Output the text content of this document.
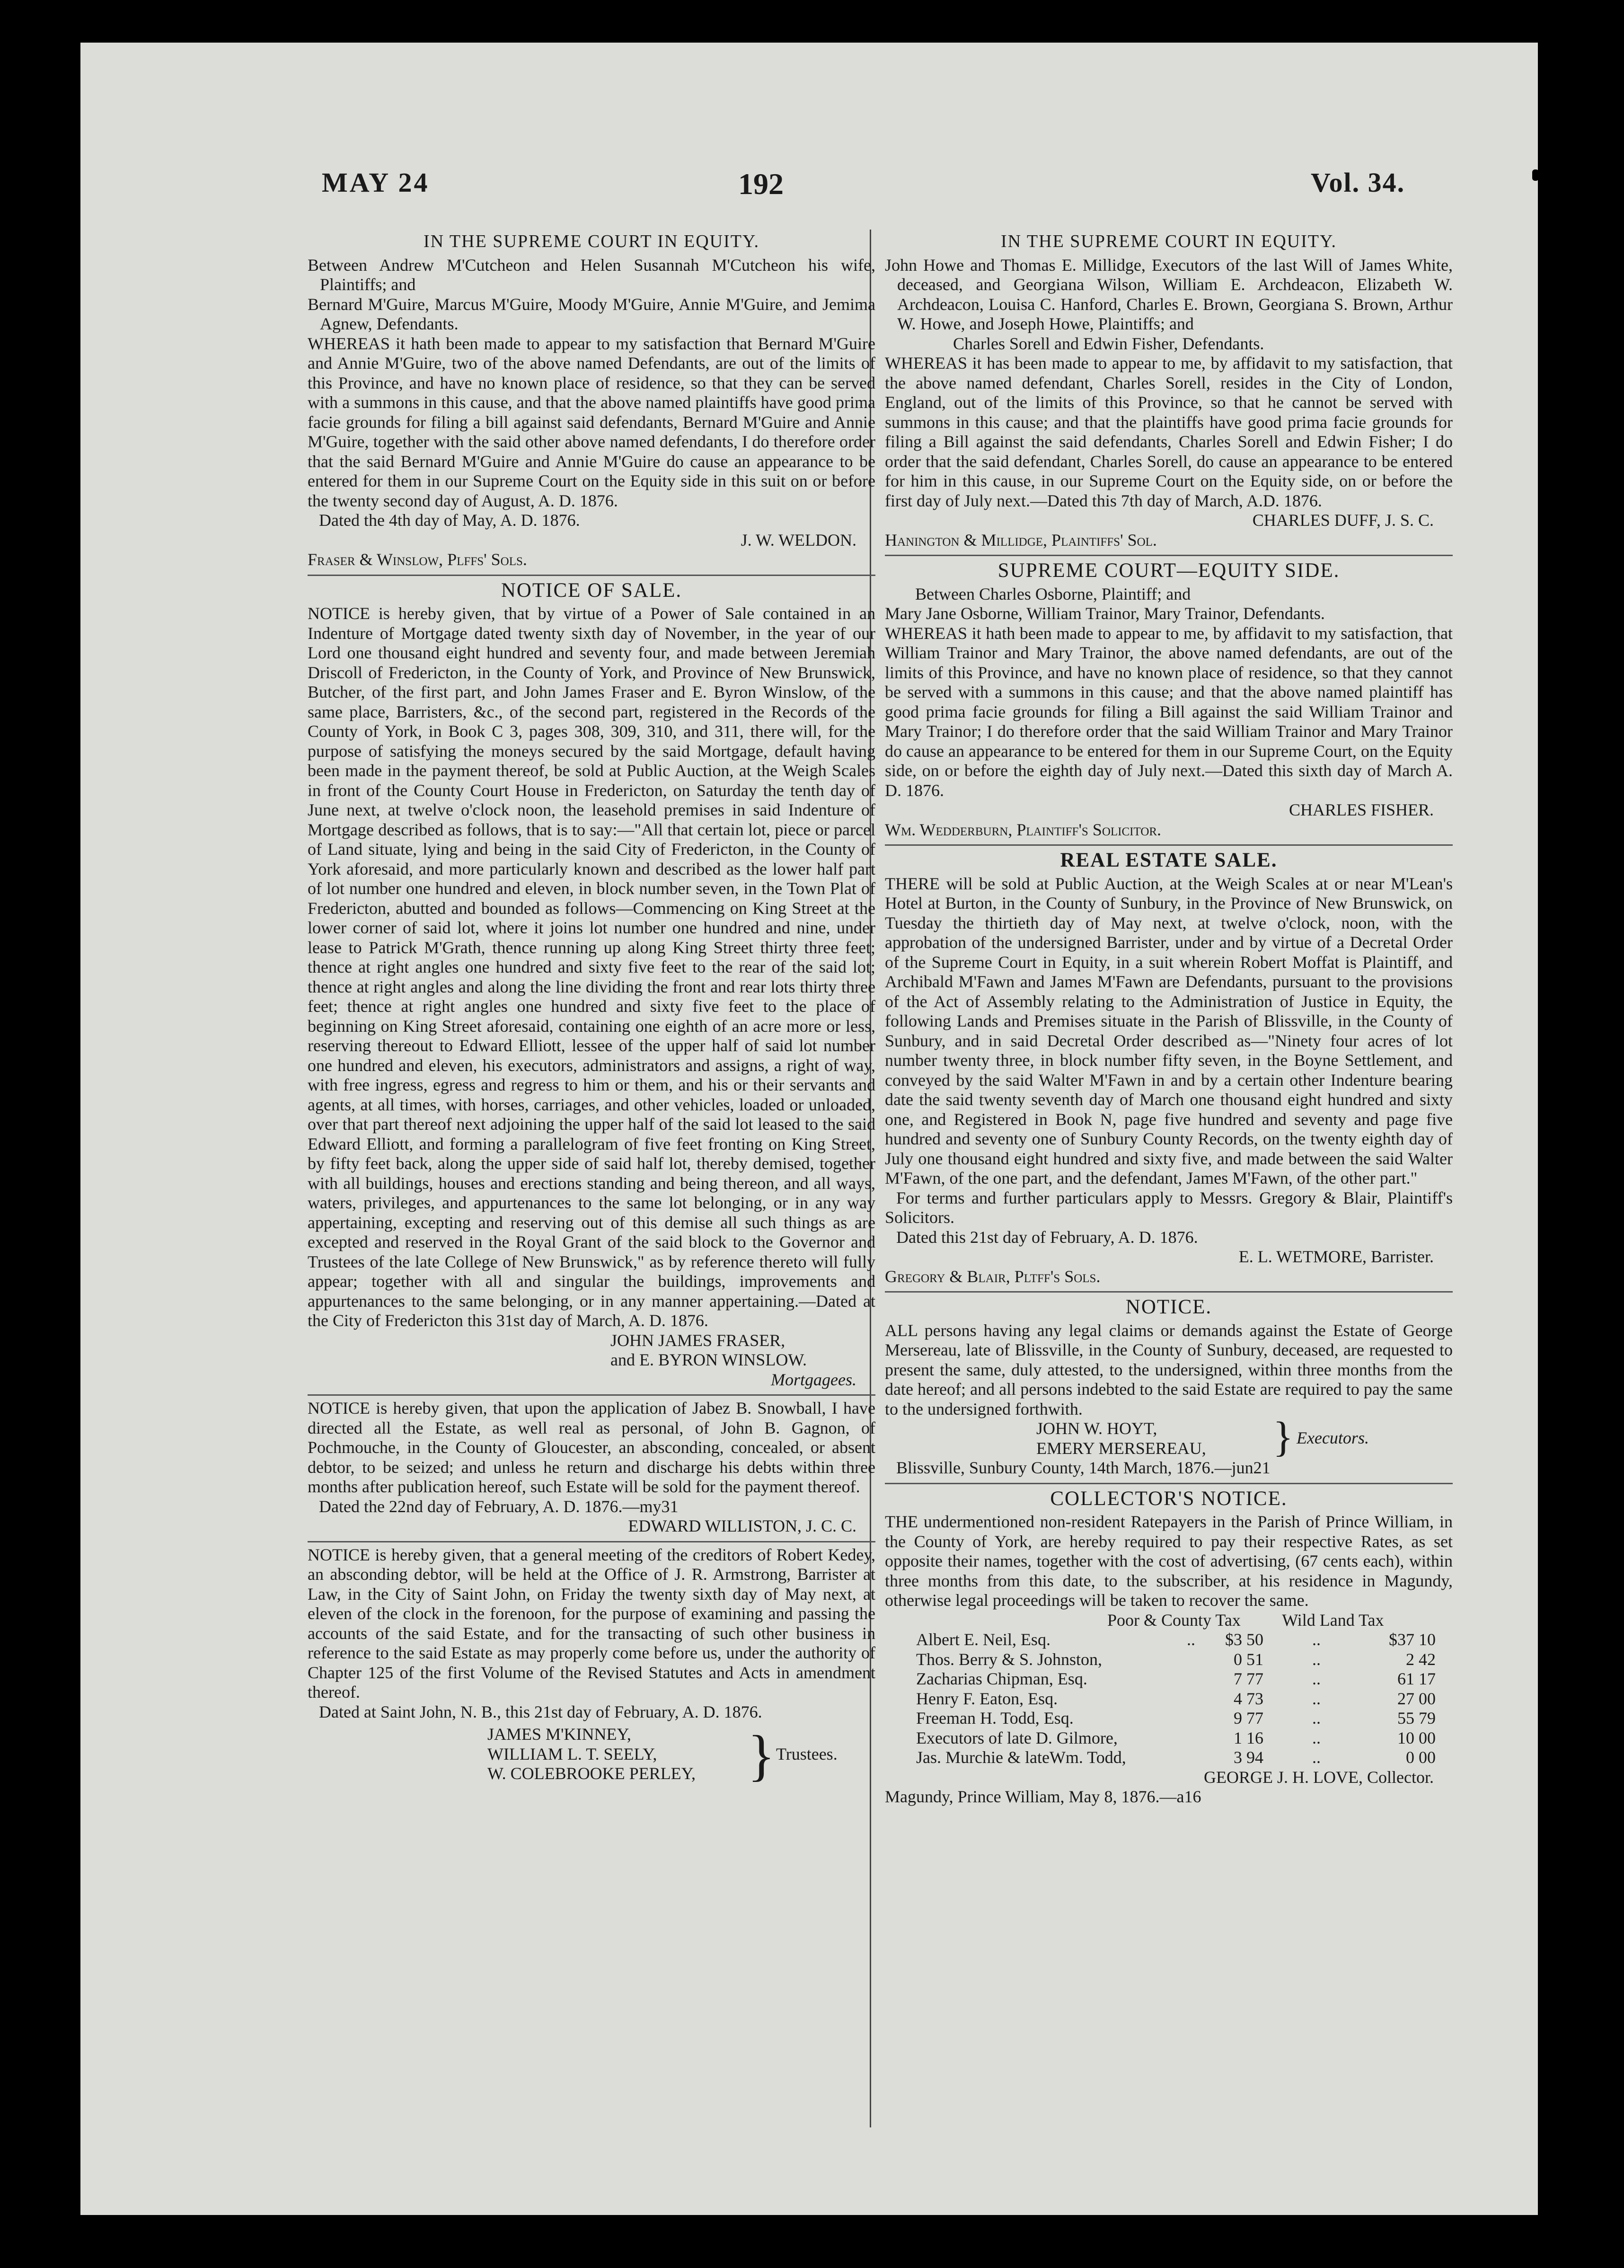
MAY 24	192	Vol. 34.
IN THE SUPREME COURT IN EQUITY.

Between Andrew M'Cutcheon and Helen Susannah M'Cutcheon his wife, Plaintiffs; and

Bernard M'Guire, Marcus M'Guire, Moody M'Guire, Annie M'Guire, and Jemima Agnew, Defendants.

WHEREAS it hath been made to appear to my satisfaction that Bernard M'Guire and Annie M'Guire, two of the above named Defendants, are out of the limits of this Province, and have no known place of residence, so that they can be served with a summons in this cause, and that the above named plaintiffs have good prima facie grounds for filing a bill against said defendants, Bernard M'Guire and Annie M'Guire, together with the said other above named defendants, I do therefore order that the said Bernard M'Guire and Annie M'Guire do cause an appearance to be entered for them in our Supreme Court on the Equity side in this suit on or before the twenty second day of August, A. D. 1876.

Dated the 4th day of May, A. D. 1876.

J. W. WELDON.

Fraser & Winslow, Plffs' Sols.

NOTICE OF SALE.

NOTICE is hereby given, that by virtue of a Power of Sale contained in an Indenture of Mortgage dated twenty sixth day of November, in the year of our Lord one thousand eight hundred and seventy four, and made between Jeremiah Driscoll of Fredericton, in the County of York, and Province of New Brunswick, Butcher, of the first part, and John James Fraser and E. Byron Winslow, of the same place, Barristers, &c., of the second part, registered in the Records of the County of York, in Book C 3, pages 308, 309, 310, and 311, there will, for the purpose of satisfying the moneys secured by the said Mortgage, default having been made in the payment thereof, be sold at Public Auction, at the Weigh Scales in front of the County Court House in Fredericton, on Saturday the tenth day of June next, at twelve o'clock noon, the leasehold premises in said Indenture of Mortgage described as follows, that is to say:—"All that certain lot, piece or parcel of Land situate, lying and being in the said City of Fredericton, in the County of York aforesaid, and more particularly known and described as the lower half part of lot number one hundred and eleven, in block number seven, in the Town Plat of Fredericton, abutted and bounded as follows—Commencing on King Street at the lower corner of said lot, where it joins lot number one hundred and nine, under lease to Patrick M'Grath, thence running up along King Street thirty three feet; thence at right angles one hundred and sixty five feet to the rear of the said lot; thence at right angles and along the line dividing the front and rear lots thirty three feet; thence at right angles one hundred and sixty five feet to the place of beginning on King Street aforesaid, containing one eighth of an acre more or less, reserving thereout to Edward Elliott, lessee of the upper half of said lot number one hundred and eleven, his executors, administrators and assigns, a right of way, with free ingress, egress and regress to him or them, and his or their servants and agents, at all times, with horses, carriages, and other vehicles, loaded or unloaded, over that part thereof next adjoining the upper half of the said lot leased to the said Edward Elliott, and forming a parallelogram of five feet fronting on King Street, by fifty feet back, along the upper side of said half lot, thereby demised, together with all buildings, houses and erections standing and being thereon, and all ways, waters, privileges, and appurtenances to the same lot belonging, or in any way appertaining, excepting and reserving out of this demise all such things as are excepted and reserved in the Royal Grant of the said block to the Governor and Trustees of the late College of New Brunswick," as by reference thereto will fully appear; together with all and singular the buildings, improvements and appurtenances to the same belonging, or in any manner appertaining.—Dated at the City of Fredericton this 31st day of March, A. D. 1876.

JOHN JAMES FRASER,

and E. BYRON WINSLOW.

Mortgagees.

NOTICE is hereby given, that upon the application of Jabez B. Snowball, I have directed all the Estate, as well real as personal, of John B. Gagnon, of Pochmouche, in the County of Gloucester, an absconding, concealed, or absent debtor, to be seized; and unless he return and discharge his debts within three months after publication hereof, such Estate will be sold for the payment thereof.

Dated the 22nd day of February, A. D. 1876.—my31

EDWARD WILLISTON, J. C. C.

NOTICE is hereby given, that a general meeting of the creditors of Robert Kedey, an absconding debtor, will be held at the Office of J. R. Armstrong, Barrister at Law, in the City of Saint John, on Friday the twenty sixth day of May next, at eleven of the clock in the forenoon, for the purpose of examining and passing the accounts of the said Estate, and for the transacting of such other business in reference to the said Estate as may properly come before us, under the authority of Chapter 125 of the first Volume of the Revised Statutes and Acts in amendment thereof.

Dated at Saint John, N. B., this 21st day of February, A. D. 1876.

JAMES M'KINNEY,
WILLIAM L. T. SEELY,
W. COLEBROOKE PERLEY, } Trustees.
IN THE SUPREME COURT IN EQUITY.

John Howe and Thomas E. Millidge, Executors of the last Will of James White, deceased, and Georgiana Wilson, William E. Archdeacon, Elizabeth W. Archdeacon, Louisa C. Hanford, Charles E. Brown, Georgiana S. Brown, Arthur W. Howe, and Joseph Howe, Plaintiffs; and

Charles Sorell and Edwin Fisher, Defendants.

WHEREAS it has been made to appear to me, by affidavit to my satisfaction, that the above named defendant, Charles Sorell, resides in the City of London, England, out of the limits of this Province, so that he cannot be served with summons in this cause; and that the plaintiffs have good prima facie grounds for filing a Bill against the said defendants, Charles Sorell and Edwin Fisher; I do order that the said defendant, Charles Sorell, do cause an appearance to be entered for him in this cause, in our Supreme Court on the Equity side, on or before the first day of July next.—Dated this 7th day of March, A.D. 1876.

CHARLES DUFF, J. S. C.

Hanington & Millidge, Plaintiffs' Sol.

SUPREME COURT—EQUITY SIDE.

Between Charles Osborne, Plaintiff; and

Mary Jane Osborne, William Trainor, Mary Trainor, Defendants.

WHEREAS it hath been made to appear to me, by affidavit to my satisfaction, that William Trainor and Mary Trainor, the above named defendants, are out of the limits of this Province, and have no known place of residence, so that they cannot be served with a summons in this cause; and that the above named plaintiff has good prima facie grounds for filing a Bill against the said William Trainor and Mary Trainor; I do therefore order that the said William Trainor and Mary Trainor do cause an appearance to be entered for them in our Supreme Court, on the Equity side, on or before the eighth day of July next.—Dated this sixth day of March A. D. 1876.

CHARLES FISHER.

Wm. Wedderburn, Plaintiff's Solicitor.

REAL ESTATE SALE.

THERE will be sold at Public Auction, at the Weigh Scales at or near M'Lean's Hotel at Burton, in the County of Sunbury, in the Province of New Brunswick, on Tuesday the thirtieth day of May next, at twelve o'clock, noon, with the approbation of the undersigned Barrister, under and by virtue of a Decretal Order of the Supreme Court in Equity, in a suit wherein Robert Moffat is Plaintiff, and Archibald M'Fawn and James M'Fawn are Defendants, pursuant to the provisions of the Act of Assembly relating to the Administration of Justice in Equity, the following Lands and Premises situate in the Parish of Blissville, in the County of Sunbury, and in said Decretal Order described as—"Ninety four acres of lot number twenty three, in block number fifty seven, in the Boyne Settlement, and conveyed by the said Walter M'Fawn in and by a certain other Indenture bearing date the said twenty seventh day of March one thousand eight hundred and sixty one, and Registered in Book N, page five hundred and seventy and page five hundred and seventy one of Sunbury County Records, on the twenty eighth day of July one thousand eight hundred and sixty five, and made between the said Walter M'Fawn, of the one part, and the defendant, James M'Fawn, of the other part."

For terms and further particulars apply to Messrs. Gregory & Blair, Plaintiff's Solicitors.

Dated this 21st day of February, A. D. 1876.

E. L. WETMORE, Barrister.

Gregory & Blair, Pltff's Sols.

NOTICE.

ALL persons having any legal claims or demands against the Estate of George Mersereau, late of Blissville, in the County of Sunbury, deceased, are requested to present the same, duly attested, to the undersigned, within three months from the date hereof; and all persons indebted to the said Estate are required to pay the same to the undersigned forthwith.

JOHN W. HOYT,
EMERY MERSEREAU,	} Executors.

Blissville, Sunbury County, 14th March, 1876.—jun21

COLLECTOR'S NOTICE.

THE undermentioned non-resident Ratepayers in the Parish of Prince William, in the County of York, are hereby required to pay their respective Rates, as set opposite their names, together with the cost of advertising, (67 cents each), within three months from this date, to the subscriber, at his residence in Magundy, otherwise legal proceedings will be taken to recover the same.

Poor & County Tax Wild Land Tax
Albert E. Neil, Esq.	..	$3 50	..	$37 10
Thos. Berry & S. Johnston,		0 51	..	2 42
Zacharias Chipman, Esq.		7 77	..	61 17
Henry F. Eaton, Esq.		4 73	..	27 00
Freeman H. Todd, Esq.		9 77	..	55 79
Executors of late D. Gilmore,		1 16	..	10 00
Jas. Murchie & lateWm. Todd,		3 94	..	0 00

GEORGE J. H. LOVE, Collector.

Magundy, Prince William, May 8, 1876.—a16
